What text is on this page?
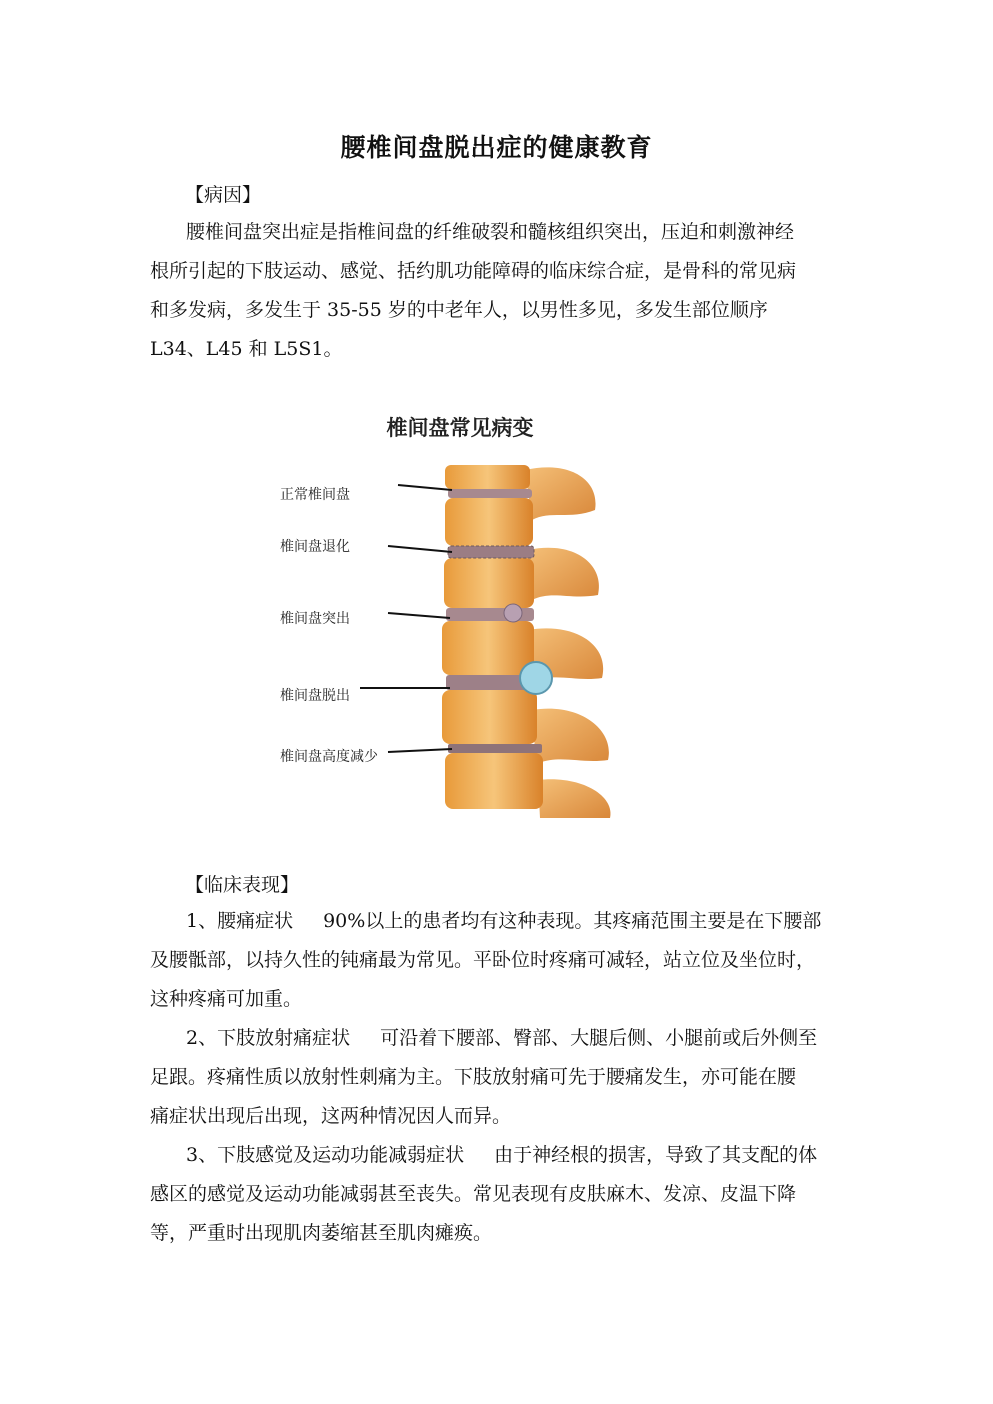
腰椎间盘脱出症的健康教育
【病因】
腰椎间盘突出症是指椎间盘的纤维破裂和髓核组织突出，压迫和刺激神经
根所引起的下肢运动、感觉、括约肌功能障碍的临床综合症，是骨科的常见病
和多发病，多发生于 35-55 岁的中老年人，以男性多见，多发生部位顺序
L34、L45 和 L5S1。
椎间盘常见病变
正常椎间盘
椎间盘退化
椎间盘突出
椎间盘脱出
椎间盘高度减少
【临床表现】
1、腰痛症状 90%以上的患者均有这种表现。其疼痛范围主要是在下腰部
及腰骶部，以持久性的钝痛最为常见。平卧位时疼痛可减轻，站立位及坐位时，
这种疼痛可加重。
2、下肢放射痛症状 可沿着下腰部、臀部、大腿后侧、小腿前或后外侧至
足跟。疼痛性质以放射性刺痛为主。下肢放射痛可先于腰痛发生，亦可能在腰
痛症状出现后出现，这两种情况因人而异。
3、下肢感觉及运动功能减弱症状 由于神经根的损害，导致了其支配的体
感区的感觉及运动功能减弱甚至丧失。常见表现有皮肤麻木、发凉、皮温下降
等，严重时出现肌肉萎缩甚至肌肉瘫痪。
